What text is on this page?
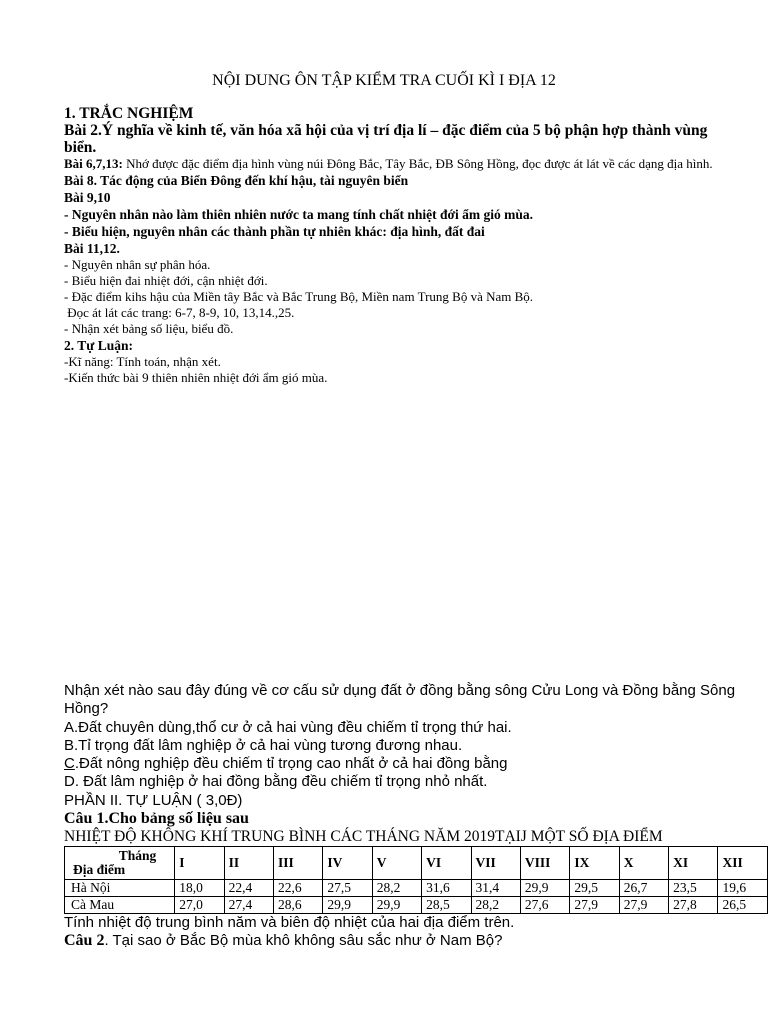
NỘI DUNG ÔN TẬP KIỂM TRA CUỐI KÌ I ĐỊA 12

1. TRẮC NGHIỆM

Bài 2.Ý nghĩa về kinh tế, văn hóa xã hội của vị trí địa lí – đặc điểm của 5 bộ phận hợp thành vùng biển.

Bài 6,7,13: Nhớ được đặc điểm địa hình vùng núi Đông Bắc, Tây Bắc, ĐB Sông Hồng, đọc được át lát về các dạng địa hình.

Bài 8. Tác động của Biển Đông đến khí hậu, tài nguyên biển

Bài 9,10

- Nguyên nhân nào làm thiên nhiên nước ta mang tính chất nhiệt đới ẩm gió mùa.

- Biểu hiện, nguyên nhân các thành phần tự nhiên khác: địa hình, đất đai

Bài 11,12.

- Nguyên nhân sự phân hóa.

- Biểu hiện đai nhiệt đới, cận nhiệt đới.

- Đặc điểm kihs hậu của Miền tây Bắc và Bắc Trung Bộ, Miền nam Trung Bộ và Nam Bộ.

Đọc át lát các trang: 6-7, 8-9, 10, 13,14.,25.

- Nhận xét bảng số liệu, biểu đồ.

2. Tự Luận:

-Kĩ năng: Tính toán, nhận xét.

-Kiến thức bài 9 thiên nhiên nhiệt đới ẩm gió mùa.

Nhận xét nào sau đây đúng về cơ cấu sử dụng đất ở đồng bằng sông Cửu Long và Đồng bằng Sông Hồng?

A.Đất chuyên dùng,thổ cư ở cả hai vùng đều chiếm tỉ trọng thứ hai.

B.Tỉ trọng đất lâm nghiệp ở cả hai vùng tương đương nhau.

C.Đất nông nghiệp đều chiếm tỉ trọng cao nhất ở cả hai đồng bằng

D. Đất lâm nghiệp ở hai đồng bằng đều chiếm tỉ trọng nhỏ nhất.

PHẦN II. TỰ LUẬN ( 3,0Đ)

Câu 1.Cho bảng số liệu sau

NHIỆT ĐỘ KHÔNG KHÍ TRUNG BÌNH CÁC THÁNG NĂM 2019TẠIJ MỘT SỐ ĐỊA ĐIỂM

Tháng
Địa điểm	I	II	III	IV	V	VI	VII	VIII	IX	X	XI	XII
Hà Nội	18,0	22,4	22,6	27,5	28,2	31,6	31,4	29,9	29,5	26,7	23,5	19,6
Cà Mau	27,0	27,4	28,6	29,9	29,9	28,5	28,2	27,6	27,9	27,9	27,8	26,5

Tính nhiệt độ trung bình năm và biên độ nhiệt của hai địa điểm trên.

Câu 2. Tại sao ở Bắc Bộ mùa khô không sâu sắc như ở Nam Bộ?
